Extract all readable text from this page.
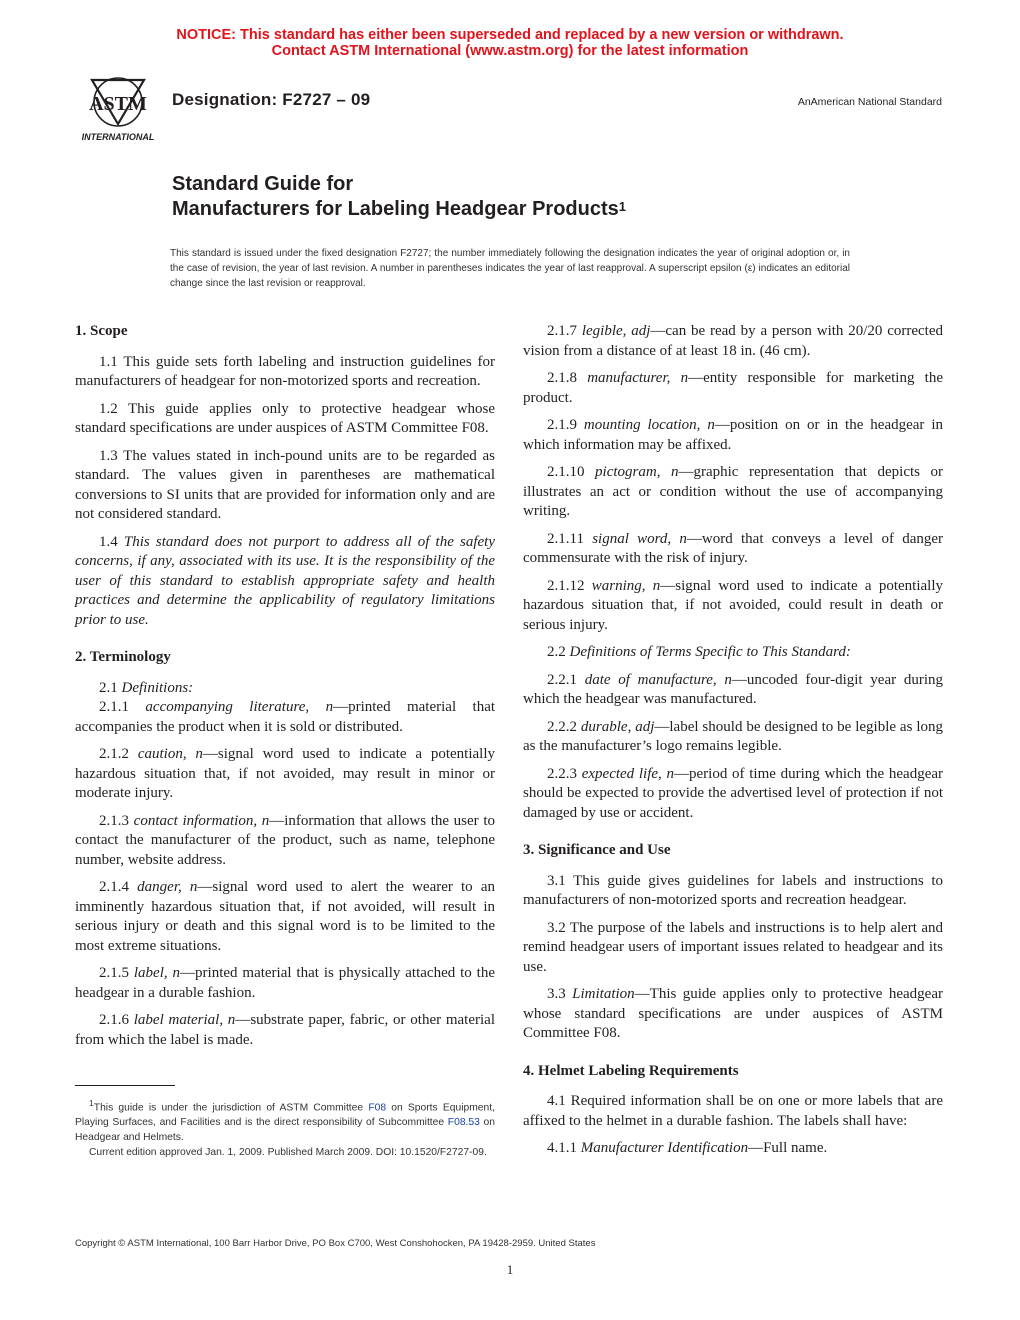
NOTICE: This standard has either been superseded and replaced by a new version or withdrawn.
Contact ASTM International (www.astm.org) for the latest information
ASTM
INTERNATIONAL
Designation: F2727 – 09	AnAmerican National Standard
Standard Guide for
Manufacturers for Labeling Headgear Products$^1$
This standard is issued under the fixed designation F2727; the number immediately following the designation indicates the year of original adoption or, in the case of revision, the year of last revision. A number in parentheses indicates the year of last reapproval. A superscript epsilon (ε) indicates an editorial change since the last revision or reapproval.
1. Scope

1.1 This guide sets forth labeling and instruction guidelines for manufacturers of headgear for non-motorized sports and recreation.

1.2 This guide applies only to protective headgear whose standard specifications are under auspices of ASTM Committee F08.

1.3 The values stated in inch-pound units are to be regarded as standard. The values given in parentheses are mathematical conversions to SI units that are provided for information only and are not considered standard.

1.4 This standard does not purport to address all of the safety concerns, if any, associated with its use. It is the responsibility of the user of this standard to establish appropriate safety and health practices and determine the applicability of regulatory limitations prior to use.

2. Terminology

2.1 Definitions:

2.1.1 accompanying literature, n—printed material that accompanies the product when it is sold or distributed.

2.1.2 caution, n—signal word used to indicate a potentially hazardous situation that, if not avoided, may result in minor or moderate injury.

2.1.3 contact information, n—information that allows the user to contact the manufacturer of the product, such as name, telephone number, website address.

2.1.4 danger, n—signal word used to alert the wearer to an imminently hazardous situation that, if not avoided, will result in serious injury or death and this signal word is to be limited to the most extreme situations.

2.1.5 label, n—printed material that is physically attached to the headgear in a durable fashion.

2.1.6 label material, n—substrate paper, fabric, or other material from which the label is made.

2.1.7 legible, adj—can be read by a person with 20/20 corrected vision from a distance of at least 18 in. (46 cm).

2.1.8 manufacturer, n—entity responsible for marketing the product.

2.1.9 mounting location, n—position on or in the headgear in which information may be affixed.

2.1.10 pictogram, n—graphic representation that depicts or illustrates an act or condition without the use of accompanying writing.

2.1.11 signal word, n—word that conveys a level of danger commensurate with the risk of injury.

2.1.12 warning, n—signal word used to indicate a potentially hazardous situation that, if not avoided, could result in death or serious injury.

2.2 Definitions of Terms Specific to This Standard:

2.2.1 date of manufacture, n—uncoded four-digit year during which the headgear was manufactured.

2.2.2 durable, adj—label should be designed to be legible as long as the manufacturer’s logo remains legible.

2.2.3 expected life, n—period of time during which the headgear should be expected to provide the advertised level of protection if not damaged by use or accident.

3. Significance and Use

3.1 This guide gives guidelines for labels and instructions to manufacturers of non-motorized sports and recreation headgear.

3.2 The purpose of the labels and instructions is to help alert and remind headgear users of important issues related to headgear and its use.

3.3 Limitation—This guide applies only to protective headgear whose standard specifications are under auspices of ASTM Committee F08.

4. Helmet Labeling Requirements

4.1 Required information shall be on one or more labels that are affixed to the helmet in a durable fashion. The labels shall have:

4.1.1 Manufacturer Identification—Full name.

$^1$This guide is under the jurisdiction of ASTM Committee F08 on Sports Equipment, Playing Surfaces, and Facilities and is the direct responsibility of Subcommittee F08.53 on Headgear and Helmets.

Current edition approved Jan. 1, 2009. Published March 2009. DOI: 10.1520/F2727-09.

Copyright © ASTM International, 100 Barr Harbor Drive, PO Box C700, West Conshohocken, PA 19428-2959. United States
1
